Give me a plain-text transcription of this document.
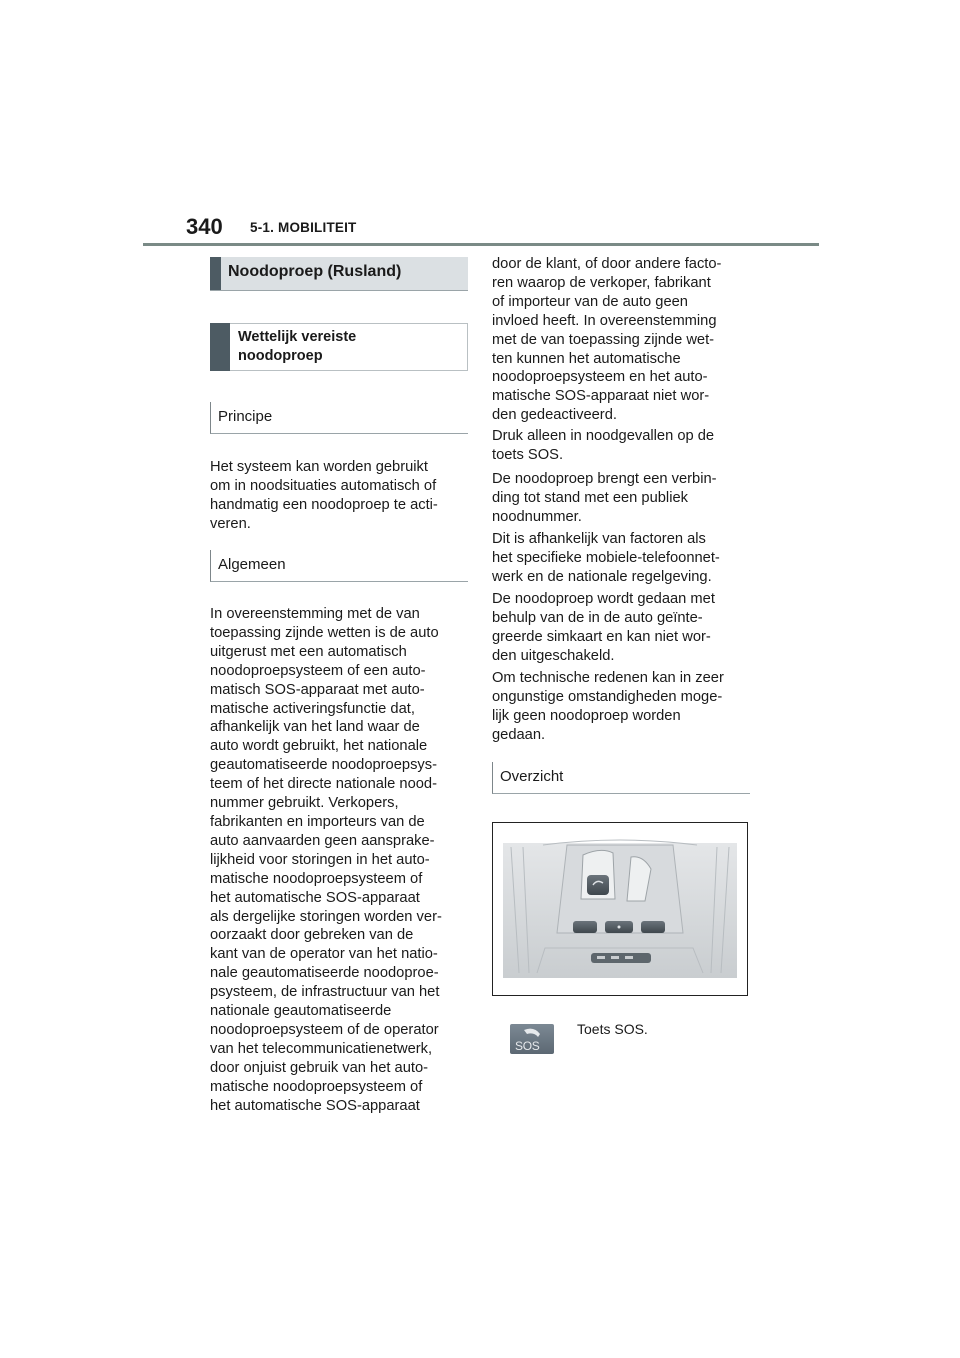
340 5-1. MOBILITEIT
Noodoproep (Rusland)
Wettelijk vereiste
noodoproep
Principe
Het systeem kan worden gebruikt
om in noodsituaties automatisch of
handmatig een noodoproep te acti-
veren.
Algemeen
In overeenstemming met de van
toepassing zijnde wetten is de auto
uitgerust met een automatisch
noodoproepsysteem of een auto-
matisch SOS-apparaat met auto-
matische activeringsfunctie dat,
afhankelijk van het land waar de
auto wordt gebruikt, het nationale
geautomatiseerde noodoproepsys-
teem of het directe nationale nood-
nummer gebruikt. Verkopers,
fabrikanten en importeurs van de
auto aanvaarden geen aansprake-
lijkheid voor storingen in het auto-
matische noodoproepsysteem of
het automatische SOS-apparaat
als dergelijke storingen worden ver-
oorzaakt door gebreken van de
kant van de operator van het natio-
nale geautomatiseerde noodoproe-
psysteem, de infrastructuur van het
nationale geautomatiseerde
noodoproepsysteem of de operator
van het telecommunicatienetwerk,
door onjuist gebruik van het auto-
matische noodoproepsysteem of
het automatische SOS-apparaat
door de klant, of door andere facto-
ren waarop de verkoper, fabrikant
of importeur van de auto geen
invloed heeft. In overeenstemming
met de van toepassing zijnde wet-
ten kunnen het automatische
noodoproepsysteem en het auto-
matische SOS-apparaat niet wor-
den gedeactiveerd.
Druk alleen in noodgevallen op de
toets SOS.
De noodoproep brengt een verbin-
ding tot stand met een publiek
noodnummer.
Dit is afhankelijk van factoren als
het specifieke mobiele-telefoonnet-
werk en de nationale regelgeving.
De noodoproep wordt gedaan met
behulp van de in de auto geïnte-
greerde simkaart en kan niet wor-
den uitgeschakeld.
Om technische redenen kan in zeer
ongunstige omstandigheden moge-
lijk geen noodoproep worden
gedaan.
Overzicht
SOS
Toets SOS.
